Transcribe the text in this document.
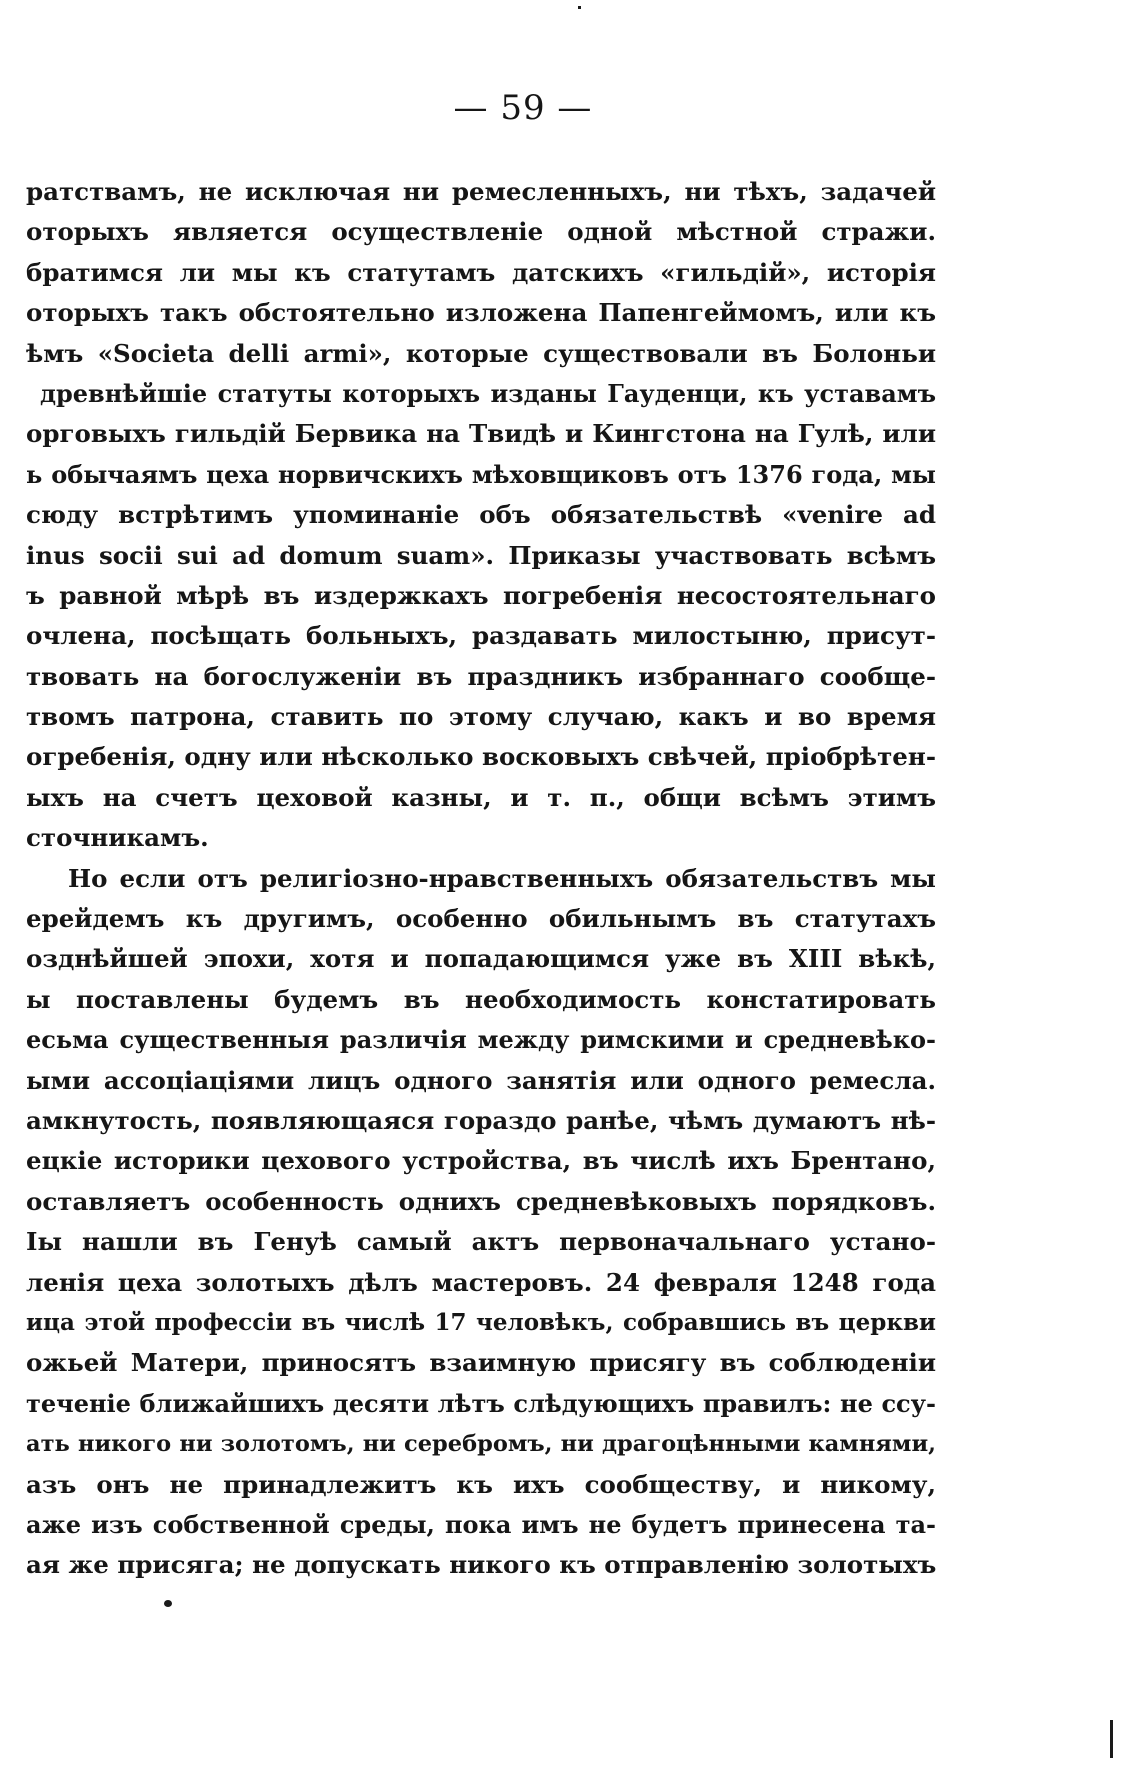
— 59 —
ратствамъ, не исключая ни ремесленныхъ, ни тѣхъ, задачей
оторыхъ является осуществленіе одной мѣстной стражи.
братимся ли мы къ статутамъ датскихъ «гильдій», исторія
оторыхъ такъ обстоятельно изложена Папенгеймомъ, или къ
ѣмъ «Societa delli armi», которые существовали въ Болоньи
древнѣйшіе статуты которыхъ изданы Гауденци, къ уставамъ
орговыхъ гильдій Бервика на Твидѣ и Кингстона на Гулѣ, или
ь обычаямъ цеха норвичскихъ мѣховщиковъ отъ 1376 года, мы
сюду встрѣтимъ упоминаніе объ обязательствѣ «venire ad
inus socii sui ad domum suam». Приказы участвовать всѣмъ
ъ равной мѣрѣ въ издержкахъ погребенія несостоятельнаго
очлена, посѣщать больныхъ, раздавать милостыню, присут-
твовать на богослуженіи въ праздникъ избраннаго сообще-
твомъ патрона, ставить по этому случаю, какъ и во время
огребенія, одну или нѣсколько восковыхъ свѣчей, пріобрѣтен-
ыхъ на счетъ цеховой казны, и т. п., общи всѣмъ этимъ
сточникамъ.
Но если отъ религіозно-нравственныхъ обязательствъ мы
ерейдемъ къ другимъ, особенно обильнымъ въ статутахъ
озднѣйшей эпохи, хотя и попадающимся уже въ XIII вѣкѣ,
ы поставлены будемъ въ необходимость констатировать
есьма существенныя различія между римскими и средневѣко-
ыми ассоціаціями лицъ одного занятія или одного ремесла.
амкнутость, появляющаяся гораздо ранѣе, чѣмъ думаютъ нѣ-
ецкіе историки цехового устройства, въ числѣ ихъ Брентано,
оставляетъ особенность однихъ средневѣковыхъ порядковъ.
Іы нашли въ Генуѣ самый актъ первоначальнаго устано-
ленія цеха золотыхъ дѣлъ мастеровъ. 24 февраля 1248 года
ица этой профессіи въ числѣ 17 человѣкъ, собравшись въ церкви
ожьей Матери, приносятъ взаимную присягу въ соблюденіи
теченіе ближайшихъ десяти лѣтъ слѣдующихъ правилъ: не ссу-
ать никого ни золотомъ, ни серебромъ, ни драгоцѣнными камнями,
азъ онъ не принадлежитъ къ ихъ сообществу, и никому,
аже изъ собственной среды, пока имъ не будетъ принесена та-
ая же присяга; не допускать никого къ отправленію золотыхъ
